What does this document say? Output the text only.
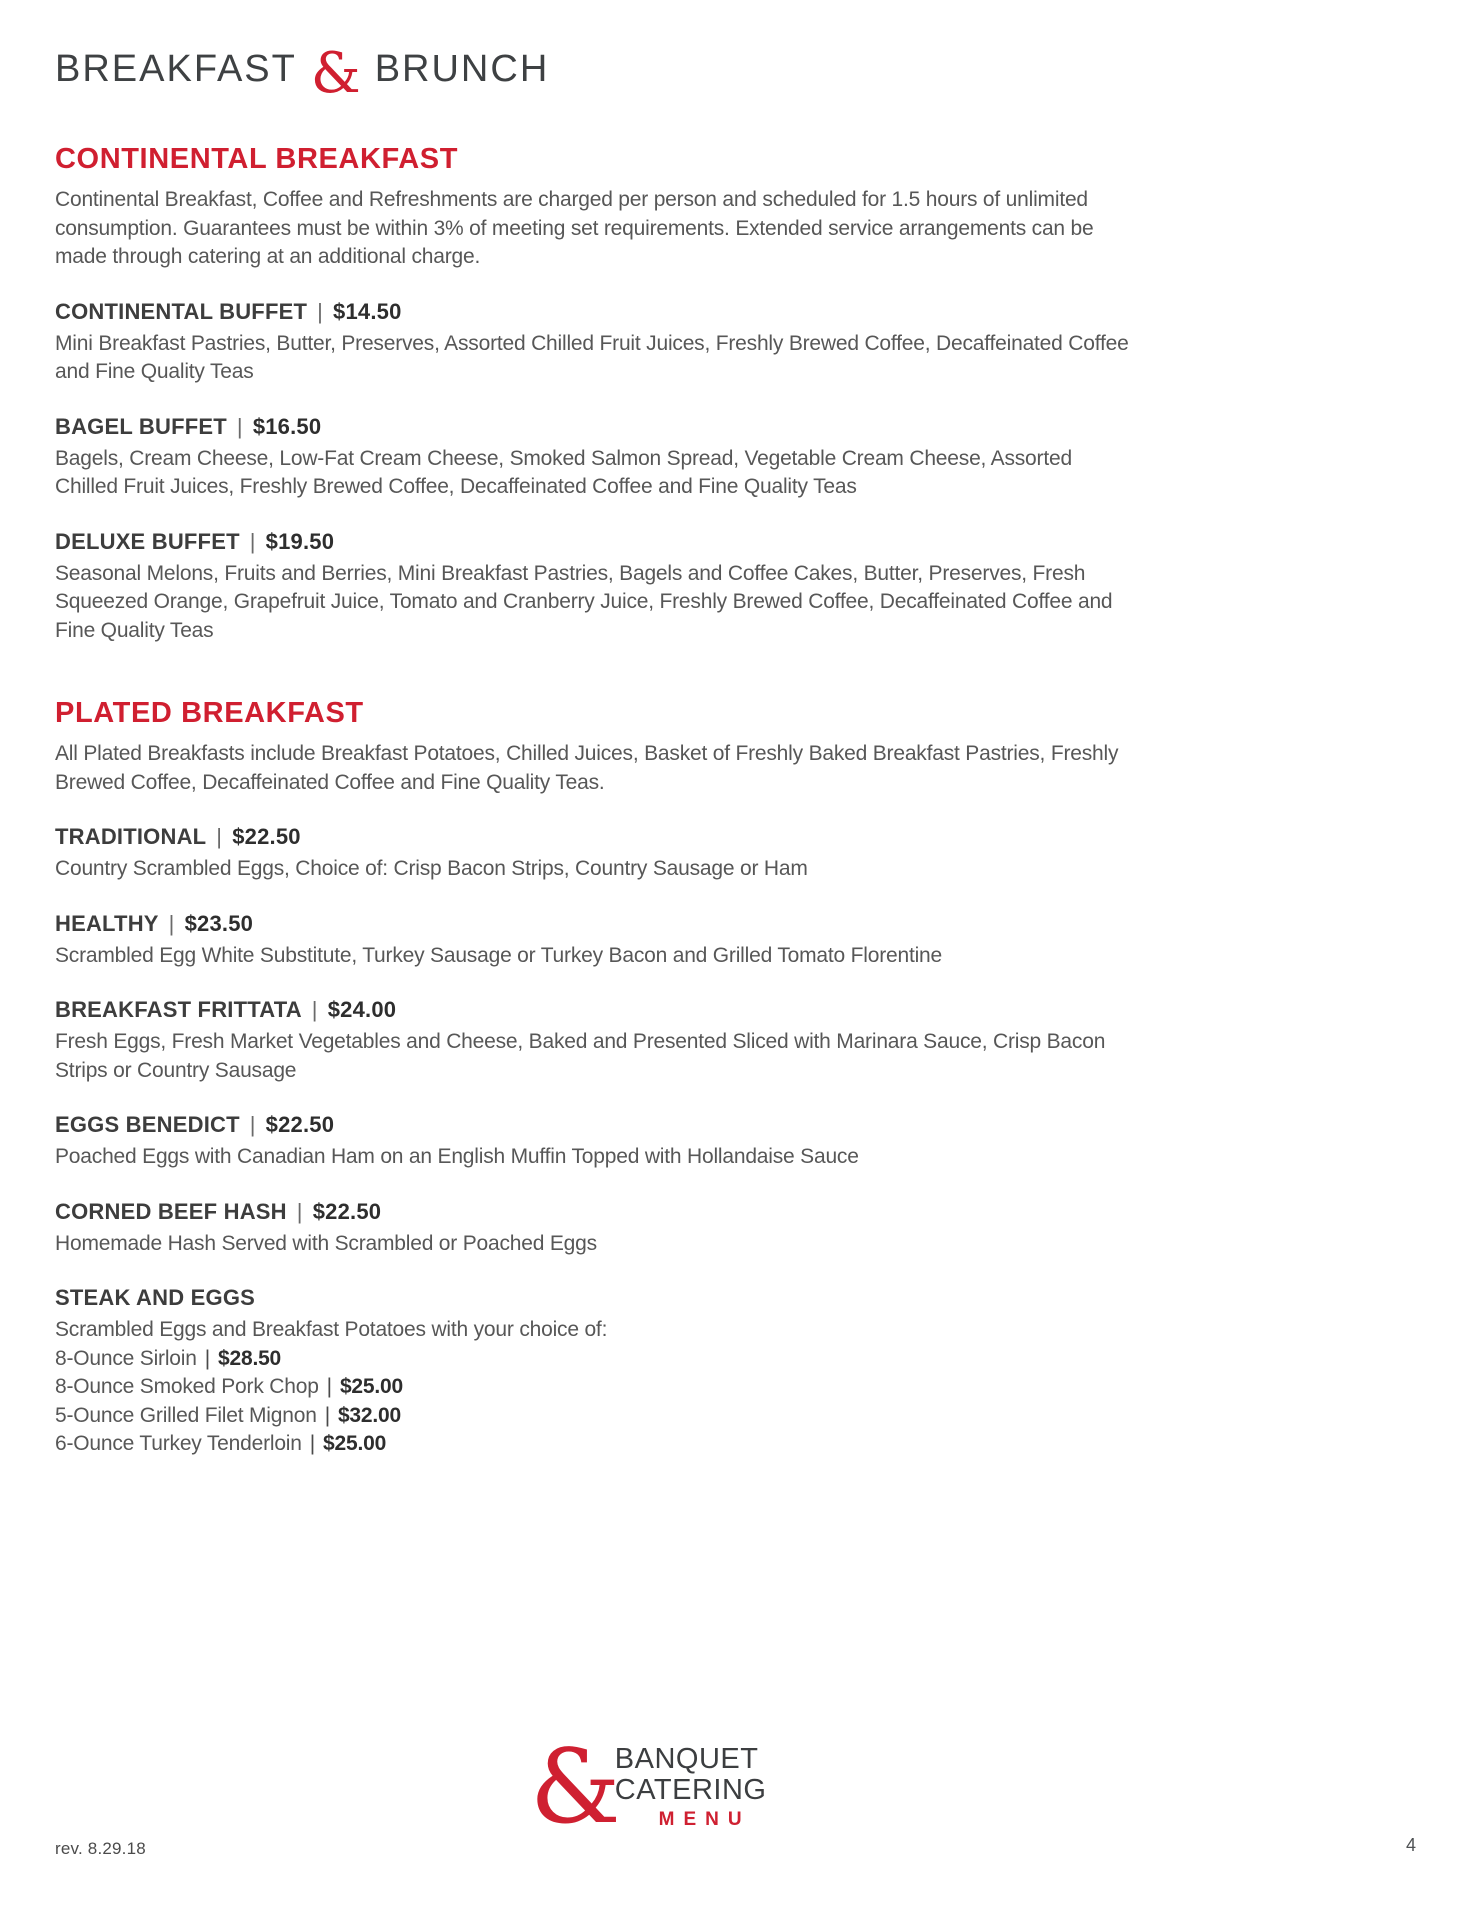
BREAKFAST & BRUNCH
CONTINENTAL BREAKFAST

Continental Breakfast, Coffee and Refreshments are charged per person and scheduled for 1.5 hours of unlimited consumption. Guarantees must be within 3% of meeting set requirements. Extended service arrangements can be made through catering at an additional charge.

CONTINENTAL BUFFET | $14.50

Mini Breakfast Pastries, Butter, Preserves, Assorted Chilled Fruit Juices, Freshly Brewed Coffee, Decaffeinated Coffee and Fine Quality Teas

BAGEL BUFFET | $16.50

Bagels, Cream Cheese, Low-Fat Cream Cheese, Smoked Salmon Spread, Vegetable Cream Cheese, Assorted Chilled Fruit Juices, Freshly Brewed Coffee, Decaffeinated Coffee and Fine Quality Teas

DELUXE BUFFET | $19.50

Seasonal Melons, Fruits and Berries, Mini Breakfast Pastries, Bagels and Coffee Cakes, Butter, Preserves, Fresh Squeezed Orange, Grapefruit Juice, Tomato and Cranberry Juice, Freshly Brewed Coffee, Decaffeinated Coffee and Fine Quality Teas

PLATED BREAKFAST

All Plated Breakfasts include Breakfast Potatoes, Chilled Juices, Basket of Freshly Baked Breakfast Pastries, Freshly Brewed Coffee, Decaffeinated Coffee and Fine Quality Teas.

TRADITIONAL | $22.50

Country Scrambled Eggs, Choice of: Crisp Bacon Strips, Country Sausage or Ham

HEALTHY | $23.50

Scrambled Egg White Substitute, Turkey Sausage or Turkey Bacon and Grilled Tomato Florentine

BREAKFAST FRITTATA | $24.00

Fresh Eggs, Fresh Market Vegetables and Cheese, Baked and Presented Sliced with Marinara Sauce, Crisp Bacon Strips or Country Sausage

EGGS BENEDICT | $22.50

Poached Eggs with Canadian Ham on an English Muffin Topped with Hollandaise Sauce

CORNED BEEF HASH | $22.50

Homemade Hash Served with Scrambled or Poached Eggs

STEAK AND EGGS

Scrambled Eggs and Breakfast Potatoes with your choice of:

8-Ounce Sirloin | $28.50
8-Ounce Smoked Pork Chop | $25.00
5-Ounce Grilled Filet Mignon | $32.00
6-Ounce Turkey Tenderloin | $25.00
&
BANQUET
CATERING
MENU
rev. 8.29.18	4
